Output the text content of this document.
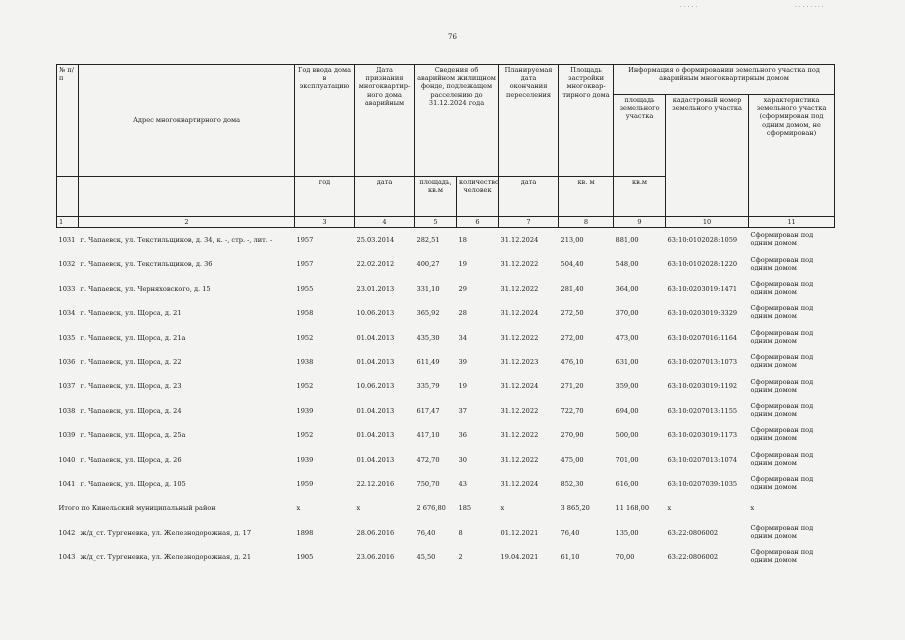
76
№ п/п	Адрес многоквартирного дома	Год ввода дома в эксплуатацию	Дата признания многоквартир-ного дома аварийным	Сведения об аварийном жилищном фонде, подлежащем расселению до 31.12.2024 года		Планируемая дата окончания переселения	Площадь застройки многоквар-тирного дома	Информация о формировании земельного участка под аварийным многоквартирным домом		
								площадь земельного участка	кадастровый номер земельного участка	характеристика земельного участка (сформирован под одним домом, не сформирован)

		год	дата	площадь, кв.м	количество человек	дата	кв. м	кв.м		
1	2	3	4	5	6	7	8	9	10	11
1031	г. Чапаевск, ул. Текстильщиков, д. 34, к. -, стр. -, лит. -	1957	25.03.2014	282,51	18	31.12.2024	213,00	881,00	63:10:0102028:1059	Сформирован под одним домом
1032	г. Чапаевск, ул. Текстильщиков, д. 36	1957	22.02.2012	400,27	19	31.12.2022	504,40	548,00	63:10:0102028:1220	Сформирован под одним домом
1033	г. Чапаевск, ул. Черняховского, д. 15	1955	23.01.2013	331,10	29	31.12.2022	281,40	364,00	63:10:0203019:1471	Сформирован под одним домом
1034	г. Чапаевск, ул. Щорса, д. 21	1958	10.06.2013	365,92	28	31.12.2024	272,50	370,00	63:10:0203019:3329	Сформирован под одним домом
1035	г. Чапаевск, ул. Щорса, д. 21а	1952	01.04.2013	435,30	34	31.12.2022	272,00	473,00	63:10:0207016:1164	Сформирован под одним домом
1036	г. Чапаевск, ул. Щорса, д. 22	1938	01.04.2013	611,49	39	31.12.2023	476,10	631,00	63:10:0207013:1073	Сформирован под одним домом
1037	г. Чапаевск, ул. Щорса, д. 23	1952	10.06.2013	335,79	19	31.12.2024	271,20	359,00	63:10:0203019:1192	Сформирован под одним домом
1038	г. Чапаевск, ул. Щорса, д. 24	1939	01.04.2013	617,47	37	31.12.2022	722,70	694,00	63:10:0207013:1155	Сформирован под одним домом
1039	г. Чапаевск, ул. Щорса, д. 25а	1952	01.04.2013	417,10	36	31.12.2022	270,90	500,00	63:10:0203019:1173	Сформирован под одним домом
1040	г. Чапаевск, ул. Щорса, д. 26	1939	01.04.2013	472,70	30	31.12.2022	475,00	701,00	63:10:0207013:1074	Сформирован под одним домом
1041	г. Чапаевск, ул. Щорса, д. 105	1959	22.12.2016	750,70	43	31.12.2024	852,30	616,00	63:10:0207039:1035	Сформирован под одним домом
Итого по Кинельский муниципальный район		х	х	2 676,80	185	х	3 865,20	11 168,00	х	х
1042	ж/д_ст. Тургеневка, ул. Железнодорожная, д. 17	1898	28.06.2016	76,40	8	01.12.2021	76,40	135,00	63:22:0806002	Сформирован под одним домом
1043	ж/д_ст. Тургеневка, ул. Железнодорожная, д. 21	1905	23.06.2016	45,50	2	19.04.2021	61,10	70,00	63:22:0806002	Сформирован под одним домом
· · · · ·	· · · · · · · ·
